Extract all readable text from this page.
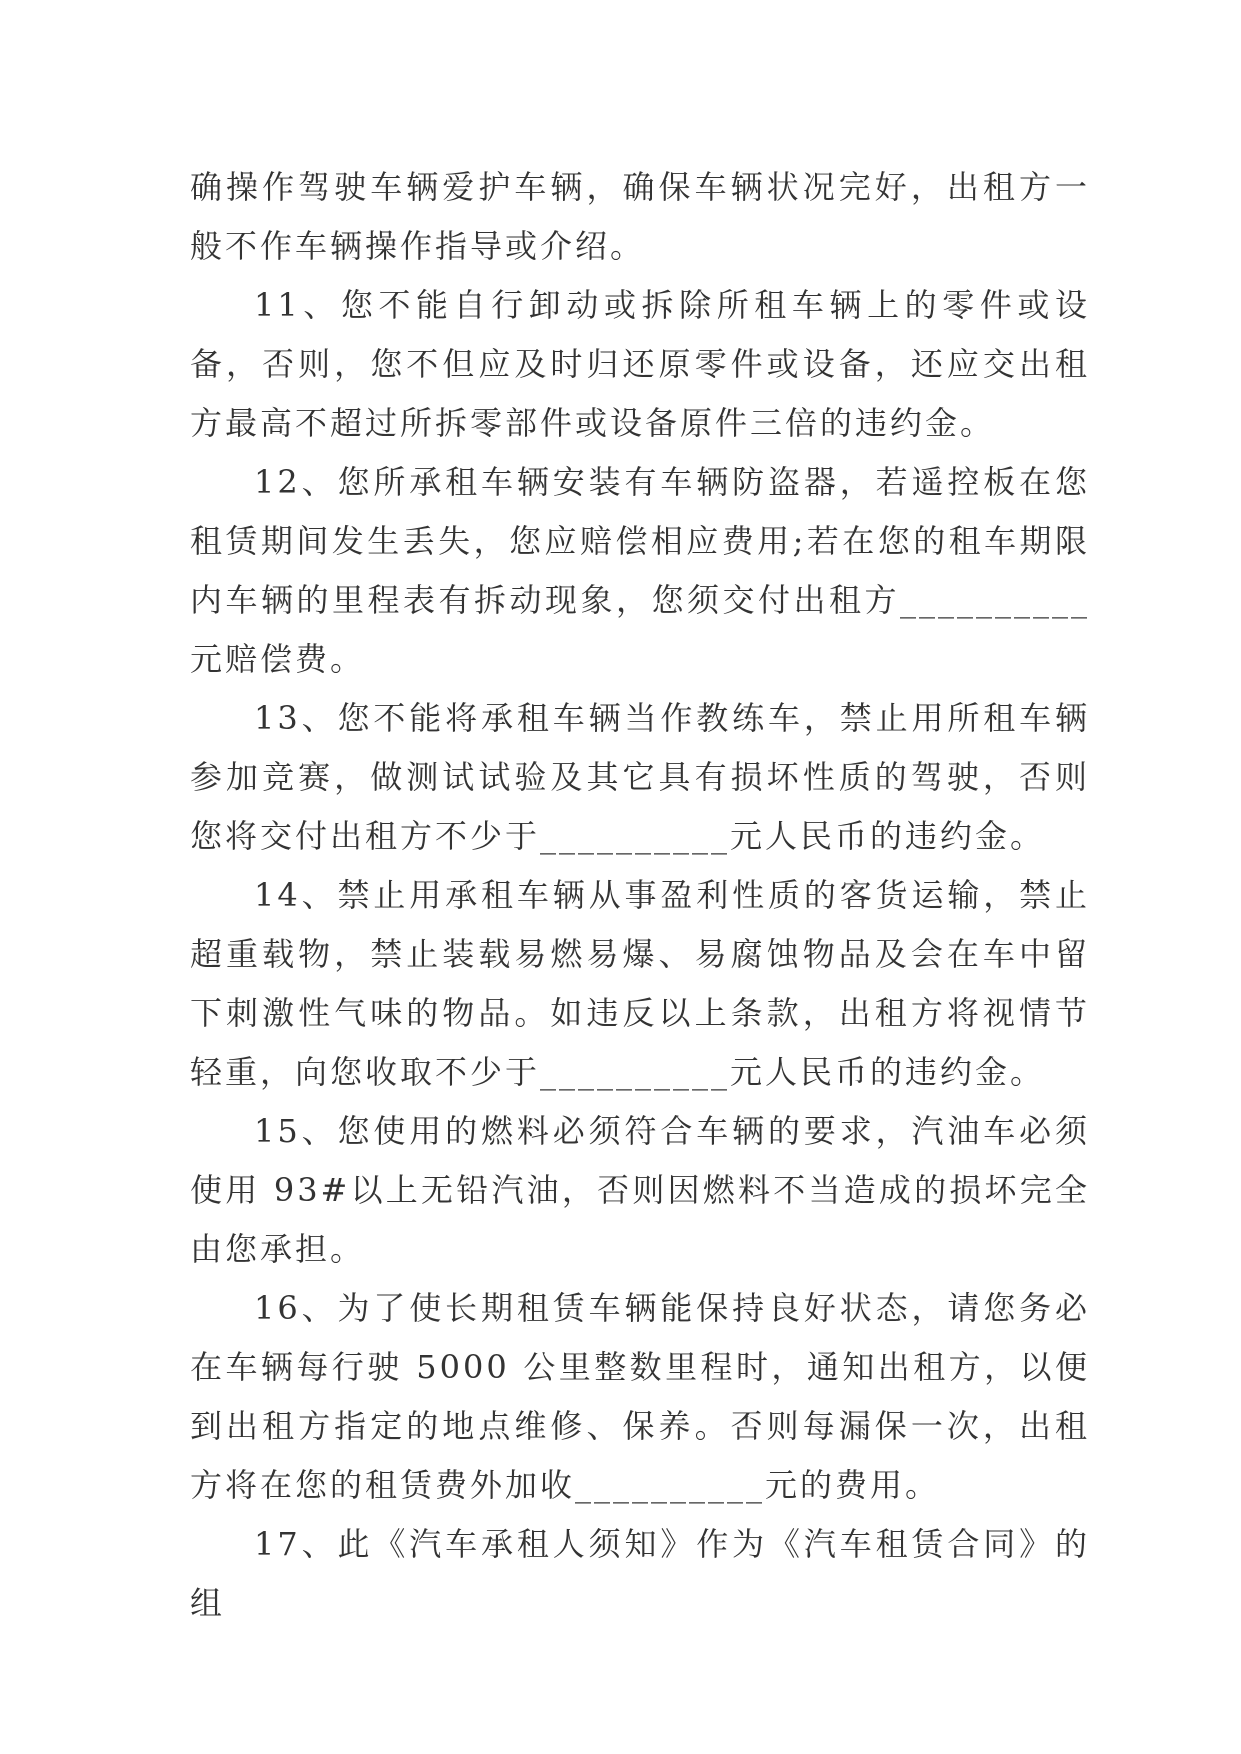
确操作驾驶车辆爱护车辆，确保车辆状况完好，出租方一般不作车辆操作指导或介绍。

11、您不能自行卸动或拆除所租车辆上的零件或设备，否则，您不但应及时归还原零件或设备，还应交出租方最高不超过所拆零部件或设备原件三倍的违约金。

12、您所承租车辆安装有车辆防盗器，若遥控板在您租赁期间发生丢失，您应赔偿相应费用;若在您的租车期限内车辆的里程表有拆动现象，您须交付出租方__________元赔偿费。

13、您不能将承租车辆当作教练车，禁止用所租车辆参加竞赛，做测试试验及其它具有损坏性质的驾驶，否则您将交付出租方不少于__________元人民币的违约金。

14、禁止用承租车辆从事盈利性质的客货运输，禁止超重载物，禁止装载易燃易爆、易腐蚀物品及会在车中留下刺激性气味的物品。如违反以上条款，出租方将视情节轻重，向您收取不少于__________元人民币的违约金。

15、您使用的燃料必须符合车辆的要求，汽油车必须使用 93#以上无铅汽油，否则因燃料不当造成的损坏完全由您承担。

16、为了使长期租赁车辆能保持良好状态，请您务必在车辆每行驶 5000 公里整数里程时，通知出租方，以便到出租方指定的地点维修、保养。否则每漏保一次，出租方将在您的租赁费外加收__________元的费用。

17、此《汽车承租人须知》作为《汽车租赁合同》的组
